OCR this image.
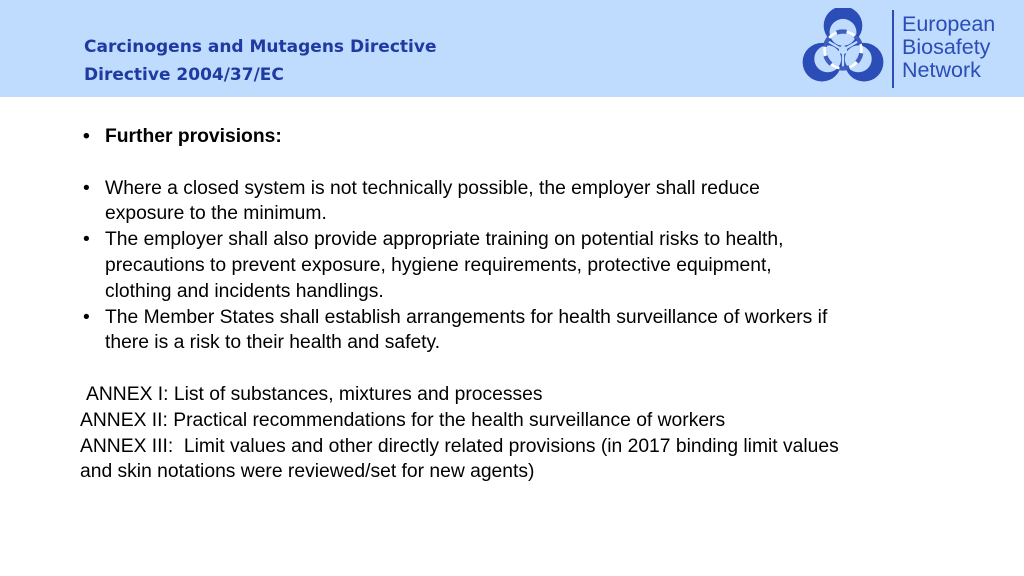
Carcinogens and Mutagens Directive
Directive 2004/37/EC
European
Biosafety
Network
• Further provisions:
• Where a closed system is not technically possible, the employer shall reduce exposure to the minimum.
• The employer shall also provide appropriate training on potential risks to health, precautions to prevent exposure, hygiene requirements, protective equipment, clothing and incidents handlings.
• The Member States shall establish arrangements for health surveillance of workers if there is a risk to their health and safety.
ANNEX I: List of substances, mixtures and processes
ANNEX II: Practical recommendations for the health surveillance of workers
ANNEX III:  Limit values and other directly related provisions (in 2017 binding limit values and skin notations were reviewed/set for new agents)
